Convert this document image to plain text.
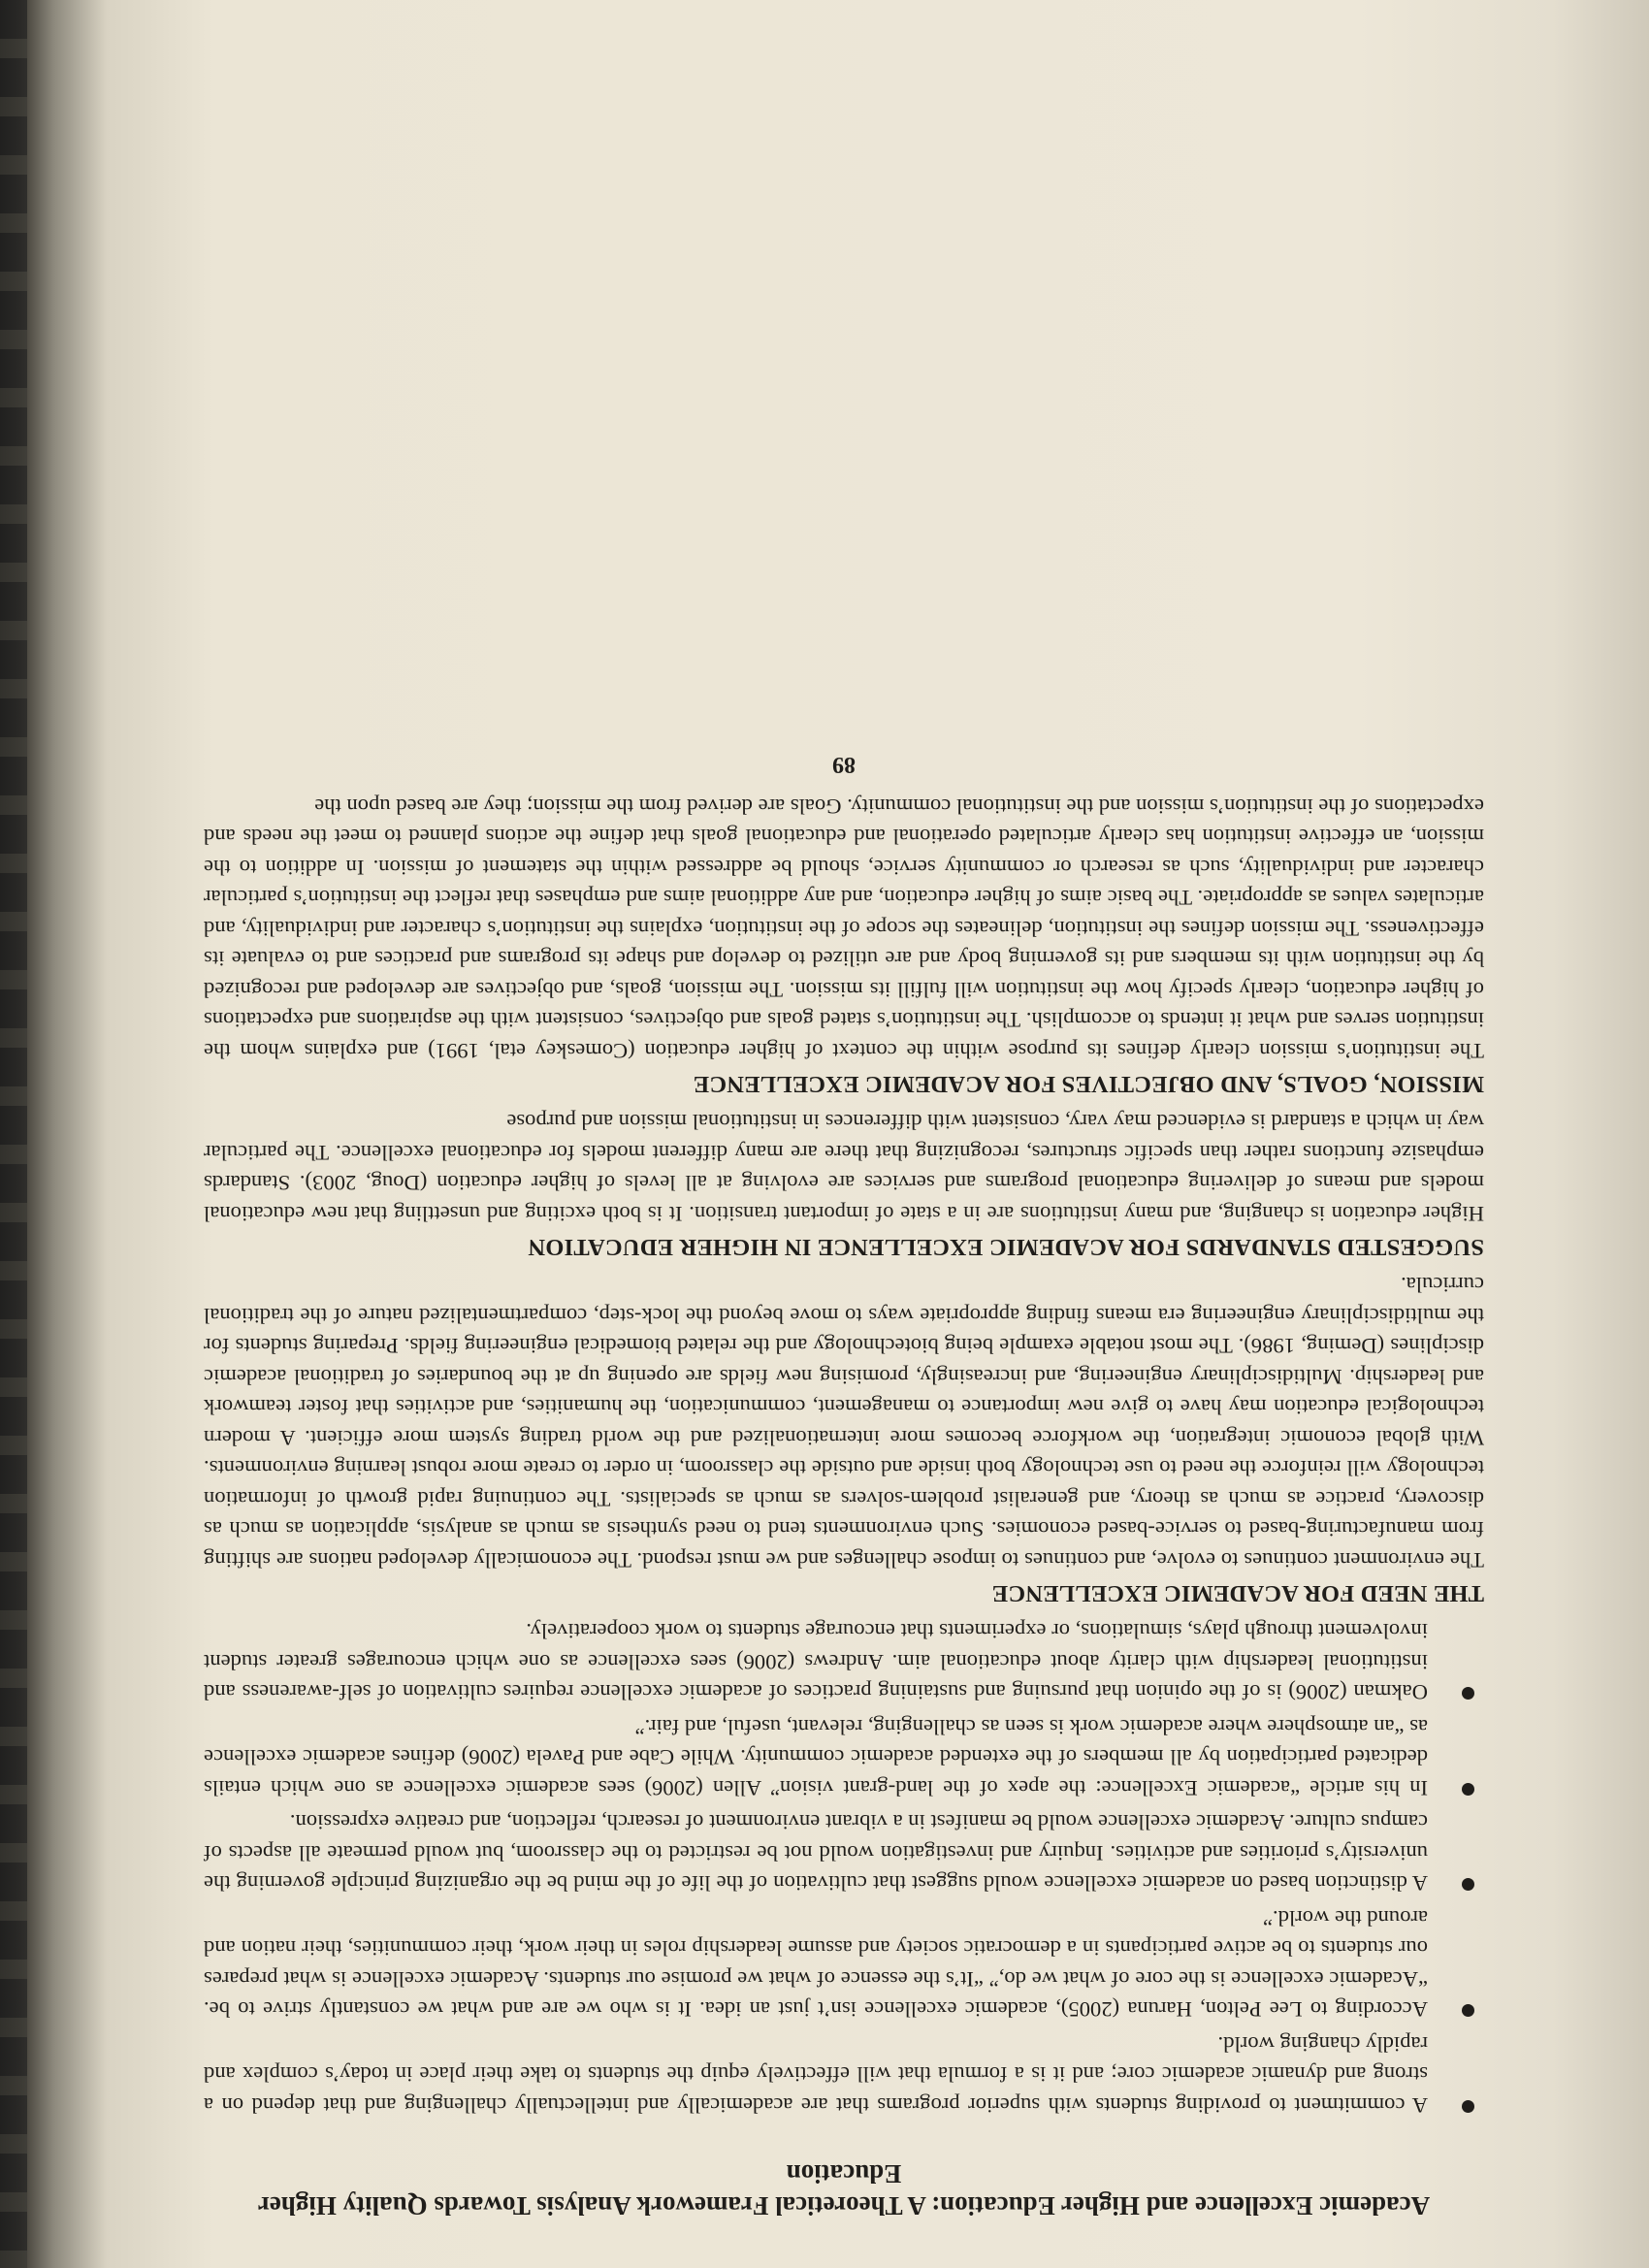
Academic Excellence and Higher Education: A Theoretical Framework Analysis Towards Quality Higher Education
A commitment to providing students with superior programs that are academically and intellectually challenging and that depend on a strong and dynamic academic core; and it is a formula that will effectively equip the students to take their place in today’s complex and rapidly changing world.
According to Lee Pelton, Haruna (2005), academic excellence isn’t just an idea. It is who we are and what we constantly strive to be. “Academic excellence is the core of what we do,” “It’s the essence of what we promise our students. Academic excellence is what prepares our students to be active participants in a democratic society and assume leadership roles in their work, their communities, their nation and around the world.”
A distinction based on academic excellence would suggest that cultivation of the life of the mind be the organizing principle governing the university’s priorities and activities. Inquiry and investigation would not be restricted to the classroom, but would permeate all aspects of campus culture. Academic excellence would be manifest in a vibrant environment of research, reflection, and creative expression.
In his article “academic Excellence: the apex of the land-grant vision” Allen (2006) sees academic excellence as one which entails dedicated participation by all members of the extended academic community. While Cabe and Pavela (2006) defines academic excellence as “an atmosphere where academic work is seen as challenging, relevant, useful, and fair.”
Oakman (2006) is of the opinion that pursuing and sustaining practices of academic excellence requires cultivation of self-awareness and institutional leadership with clarity about educational aim. Andrews (2006) sees excellence as one which encourages greater student involvement through plays, simulations, or experiments that encourage students to work cooperatively.
THE NEED FOR ACADEMIC EXCELLENCE

The environment continues to evolve, and continues to impose challenges and we must respond. The economically developed nations are shifting from manufacturing-based to service-based economies. Such environments tend to need synthesis as much as analysis, application as much as discovery, practice as much as theory, and generalist problem-solvers as much as specialists. The continuing rapid growth of information technology will reinforce the need to use technology both inside and outside the classroom, in order to create more robust learning environments. With global economic integration, the workforce becomes more internationalized and the world trading system more efficient. A modern technological education may have to give new importance to management, communication, the humanities, and activities that foster teamwork and leadership. Multidisciplinary engineering, and increasingly, promising new fields are opening up at the boundaries of traditional academic disciplines (Deming, 1986). The most notable example being biotechnology and the related biomedical engineering fields. Preparing students for the multidisciplinary engineering era means finding appropriate ways to move beyond the lock-step, compartmentalized nature of the traditional curricula.

SUGGESTED STANDARDS FOR ACADEMIC EXCELLENCE IN HIGHER EDUCATION

Higher education is changing, and many institutions are in a state of important transition. It is both exciting and unsettling that new educational models and means of delivering educational programs and services are evolving at all levels of higher education (Doug, 2003). Standards emphasize functions rather than specific structures, recognizing that there are many different models for educational excellence. The particular way in which a standard is evidenced may vary, consistent with differences in institutional mission and purpose

MISSION, GOALS, AND OBJECTIVES FOR ACADEMIC EXCELLENCE

The institution’s mission clearly defines its purpose within the context of higher education (Comeskey etal, 1991) and explains whom the institution serves and what it intends to accomplish. The institution’s stated goals and objectives, consistent with the aspirations and expectations of higher education, clearly specify how the institution will fulfill its mission. The mission, goals, and objectives are developed and recognized by the institution with its members and its governing body and are utilized to develop and shape its programs and practices and to evaluate its effectiveness. The mission defines the institution, delineates the scope of the institution, explains the institution’s character and individuality, and articulates values as appropriate. The basic aims of higher education, and any additional aims and emphases that reflect the institution’s particular character and individuality, such as research or community service, should be addressed within the statement of mission. In addition to the mission, an effective institution has clearly articulated operational and educational goals that define the actions planned to meet the needs and expectations of the institution’s mission and the institutional community. Goals are derived from the mission; they are based upon the

89
